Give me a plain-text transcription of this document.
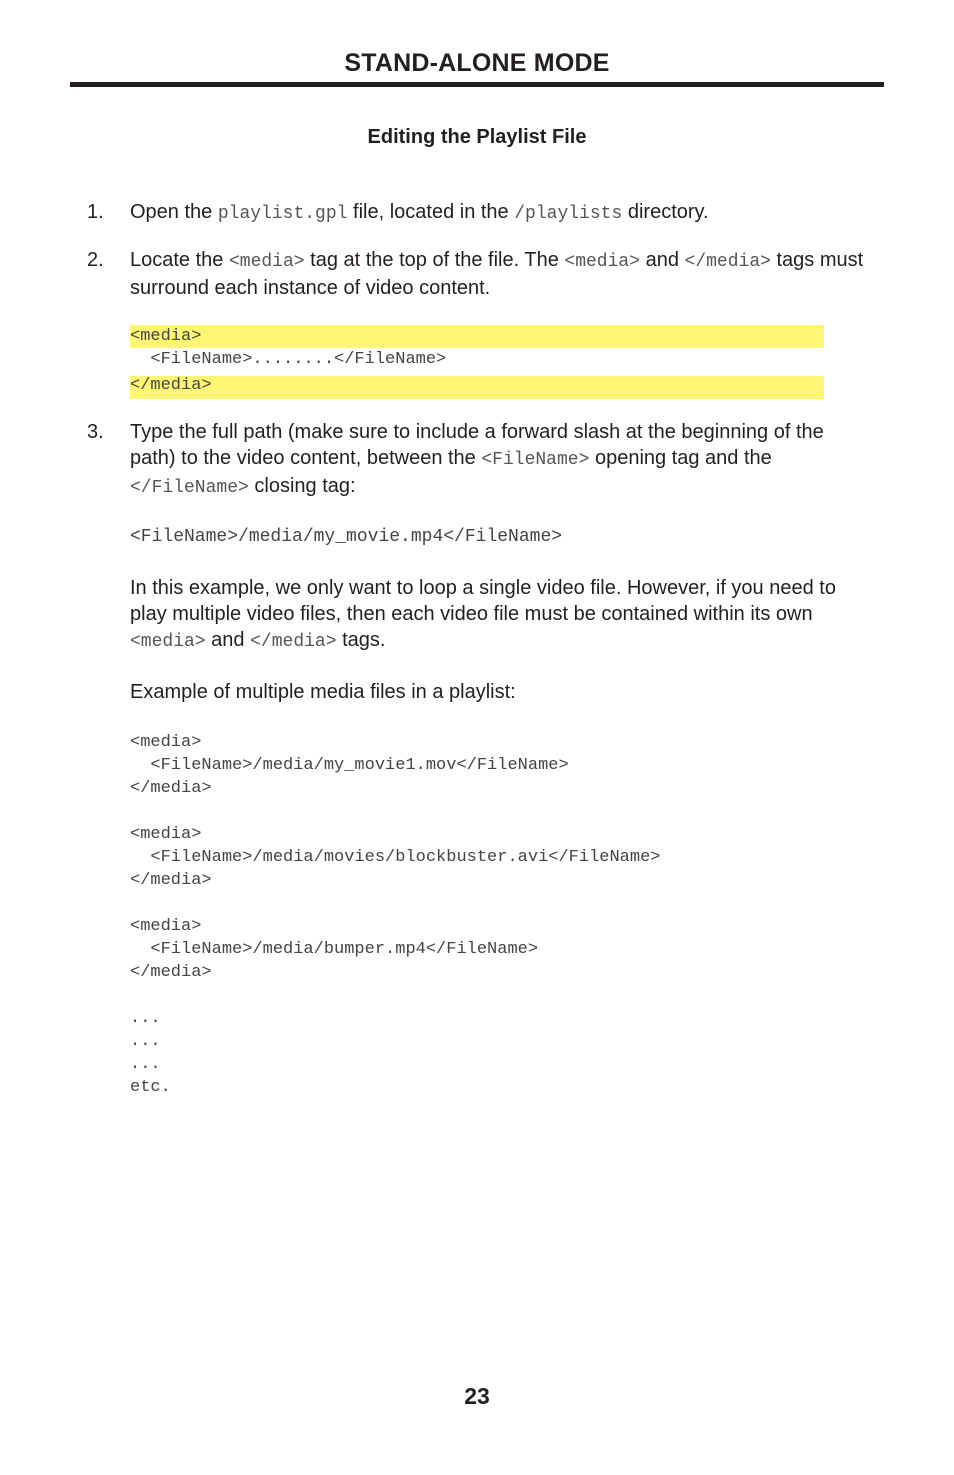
STAND-ALONE MODE
Editing the Playlist File
1. Open the playlist.gpl file, located in the /playlists directory.
2. Locate the <media> tag at the top of the file. The <media> and </media> tags must surround each instance of video content.
<media>
<FileName>........</FileName>
</media>
3. Type the full path (make sure to include a forward slash at the beginning of the path) to the video content, between the <FileName> opening tag and the </FileName> closing tag:
<FileName>/media/my_movie.mp4</FileName>
In this example, we only want to loop a single video file. However, if you need to play multiple video files, then each video file must be contained within its own <media> and </media> tags.
Example of multiple media files in a playlist:
<media>
<FileName>/media/my_movie1.mov</FileName>
</media>

<media>
<FileName>/media/movies/blockbuster.avi</FileName>
</media>

<media>
<FileName>/media/bumper.mp4</FileName>
</media>

...
...
...
etc.
23
